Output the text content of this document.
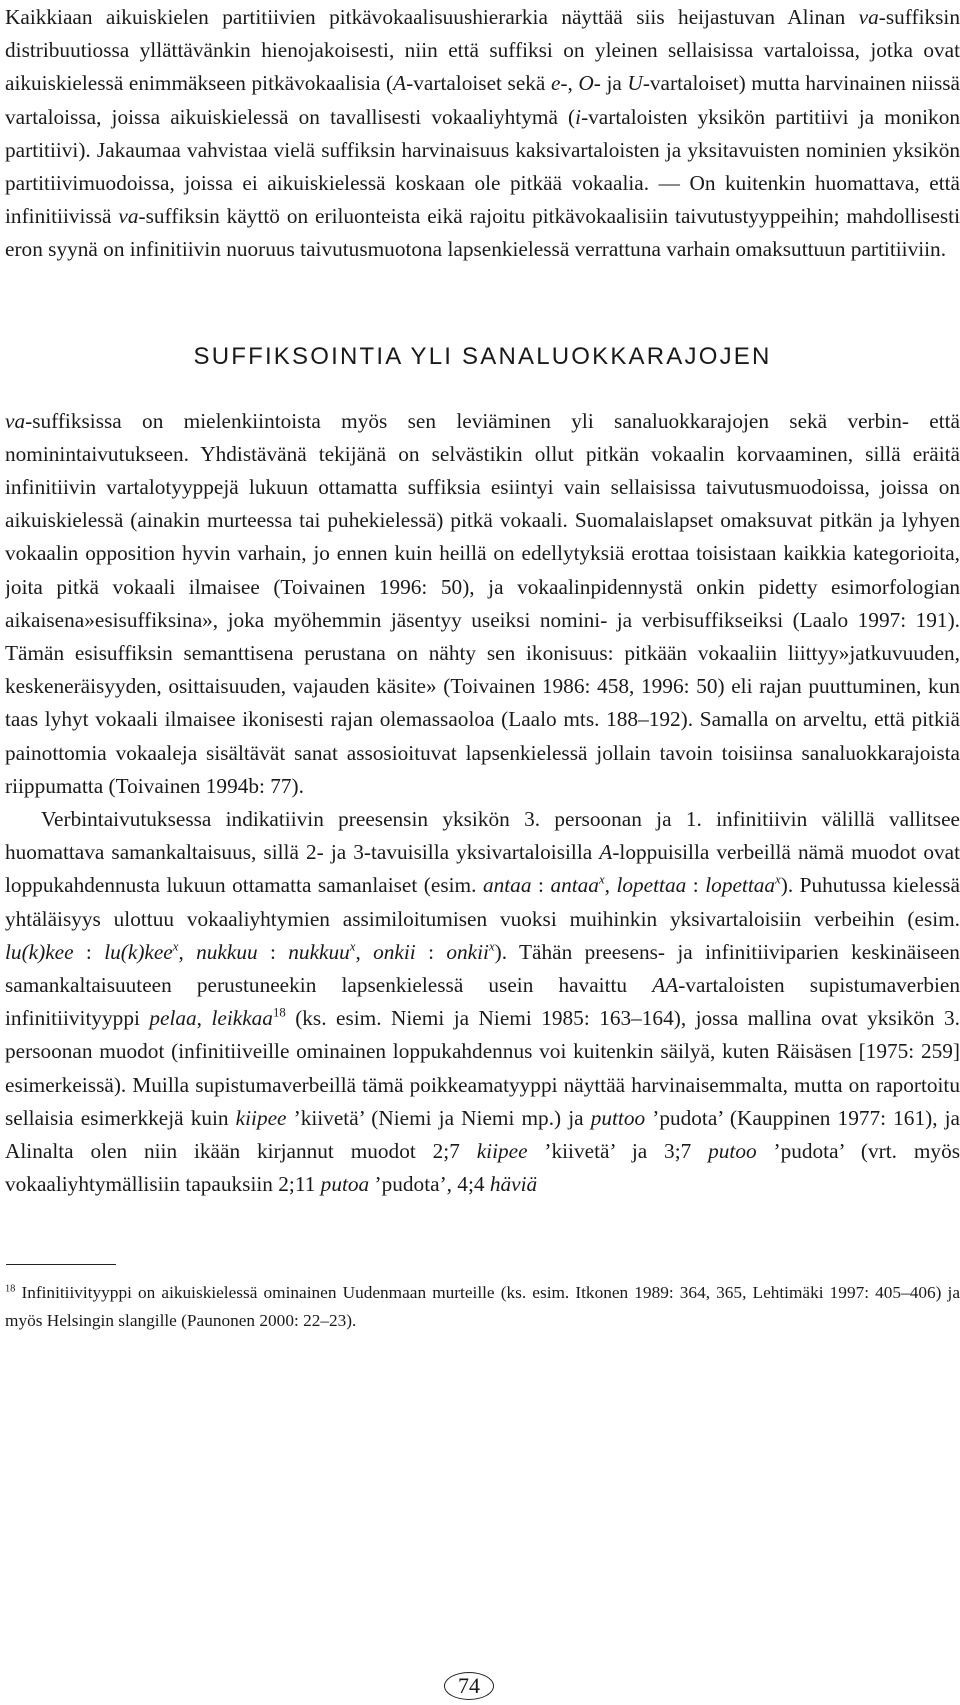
Kaikkiaan aikuiskielen partitiivien pitkävokaalisuushierarkia näyttää siis heijastuvan Alinan va-suffiksin distribuutiossa yllättävänkin hienojakoisesti, niin että suffiksi on yleinen sellaisissa vartaloissa, jotka ovat aikuiskielessä enimmäkseen pitkävokaalisia (A-vartaloiset sekä e-, O- ja U-vartaloiset) mutta harvinainen niissä vartaloissa, joissa aikuiskielessä on tavallisesti vokaaliyhtymä (i-vartaloisten yksikön partitiivi ja monikon partitiivi). Jakaumaa vahvistaa vielä suffiksin harvinaisuus kaksivartaloisten ja yksitavuisten nominien yksikön partitiivimuodoissa, joissa ei aikuiskielessä koskaan ole pitkää vokaalia. — On kuitenkin huomattava, että infinitiivissä va-suffiksin käyttö on eriluonteista eikä rajoitu pitkävokaalisiin taivutustyyppeihin; mahdollisesti eron syynä on infinitiivin nuoruus taivutusmuotona lapsenkielessä verrattuna varhain omaksuttuun partitiiviin.

SUFFIKSOINTIA YLI SANALUOKKARAJOJEN

va-suffiksissa on mielenkiintoista myös sen leviäminen yli sanaluokkarajojen sekä verbin- että nominintaivutukseen. Yhdistävänä tekijänä on selvästikin ollut pitkän vokaalin korvaaminen, sillä eräitä infinitiivin vartalotyyppejä lukuun ottamatta suffiksia esiintyi vain sellaisissa taivutusmuodoissa, joissa on aikuiskielessä (ainakin murteessa tai puhekielessä) pitkä vokaali. Suomalaislapset omaksuvat pitkän ja lyhyen vokaalin opposition hyvin varhain, jo ennen kuin heillä on edellytyksiä erottaa toisistaan kaikkia kategorioita, joita pitkä vokaali ilmaisee (Toivainen 1996: 50), ja vokaalinpidennystä onkin pidetty esimorfologian aikaisena»esisuffiksina», joka myöhemmin jäsentyy useiksi nomini- ja verbisuffikseiksi (Laalo 1997: 191). Tämän esisuffiksin semanttisena perustana on nähty sen ikonisuus: pitkään vokaaliin liittyy»jatkuvuuden, keskeneräisyyden, osittaisuuden, vajauden käsite» (Toivainen 1986: 458, 1996: 50) eli rajan puuttuminen, kun taas lyhyt vokaali ilmaisee ikonisesti rajan olemassaoloa (Laalo mts. 188–192). Samalla on arveltu, että pitkiä painottomia vokaaleja sisältävät sanat assosioituvat lapsenkielessä jollain tavoin toisiinsa sanaluokkarajoista riippumatta (Toivainen 1994b: 77).

Verbintaivutuksessa indikatiivin preesensin yksikön 3. persoonan ja 1. infinitiivin välillä vallitsee huomattava samankaltaisuus, sillä 2- ja 3-tavuisilla yksivartaloisilla A-loppuisilla verbeillä nämä muodot ovat loppukahdennusta lukuun ottamatta samanlaiset (esim. antaa : antaa$^x$, lopettaa : lopettaa$^x$). Puhutussa kielessä yhtäläisyys ulottuu vokaaliyhtymien assimiloitumisen vuoksi muihinkin yksivartaloisiin verbeihin (esim. lu(k)kee : lu(k)kee$^x$, nukkuu : nukkuu$^x$, onkii : onkii$^x$). Tähän preesens- ja infinitiiviparien keskinäiseen samankaltaisuuteen perustuneekin lapsenkielessä usein havaittu AA-vartaloisten supistumaverbien infinitiivityyppi pelaa, leikkaa$^{18}$ (ks. esim. Niemi ja Niemi 1985: 163–164), jossa mallina ovat yksikön 3. persoonan muodot (infinitiiveille ominainen loppukahdennus voi kuitenkin säilyä, kuten Räisäsen [1975: 259] esimerkeissä). Muilla supistumaverbeillä tämä poikkeamatyyppi näyttää harvinaisemmalta, mutta on raportoitu sellaisia esimerkkejä kuin kiipee ’kiivetä’ (Niemi ja Niemi mp.) ja puttoo ’pudota’ (Kauppinen 1977: 161), ja Alinalta olen niin ikään kirjannut muodot 2;7 kiipee ’kiivetä’ ja 3;7 putoo ’pudota’ (vrt. myös vokaaliyhtymällisiin tapauksiin 2;11 putoa ’pudota’, 4;4 häviä

$^{18}$ Infinitiivityyppi on aikuiskielessä ominainen Uudenmaan murteille (ks. esim. Itkonen 1989: 364, 365, Lehtimäki 1997: 405–406) ja myös Helsingin slangille (Paunonen 2000: 22–23).

74
